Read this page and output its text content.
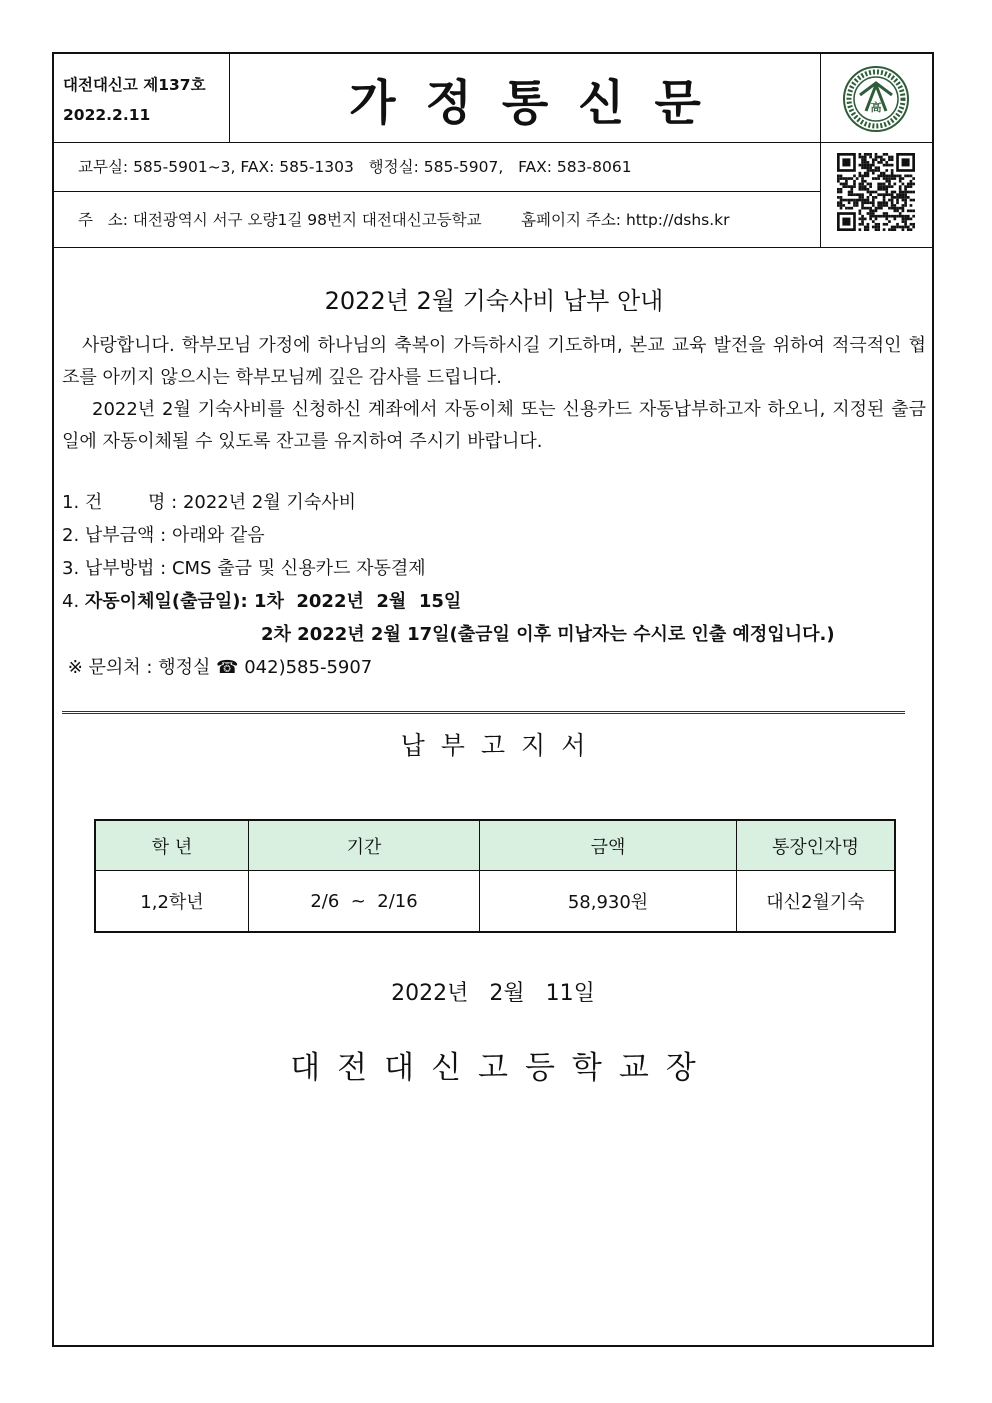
대전대신고 제137호
2022.2.11	가정통신문	高
교무실: 585-5901~3, FAX: 585-1303   행정실: 585-5907,   FAX: 583-8061
주   소: 대전광역시 서구 오량1길 98번지 대전대신고등학교        홈페이지 주소: http://dshs.kr
2022년 2월 기숙사비 납부 안내

사랑합니다. 학부모님 가정에 하나님의 축복이 가득하시길 기도하며, 본교 교육 발전을 위하여 적극적인 협조를 아끼지 않으시는 학부모님께 깊은 감사를 드립니다.

2022년 2월 기숙사비를 신청하신 계좌에서 자동이체 또는 신용카드 자동납부하고자 하오니, 지정된 출금일에 자동이체될 수 있도록 잔고를 유지하여 주시기 바랍니다.

1. 건        명 : 2022년 2월 기숙사비
2. 납부금액 : 아래와 같음
3. 납부방법 : CMS 출금 및 신용카드 자동결제
4. 자동이체일(출금일): 1차  2022년  2월  15일
2차 2022년 2월 17일(출금일 이후 미납자는 수시로 인출 예정입니다.)
※ 문의처 : 행정실 ☎ 042)585-5907
납부고지서
학 년	기간	금액	통장인자명
1,2학년	2/6  ~  2/16	58,930원	대신2월기숙
2022년   2월   11일
대전대신고등학교장
